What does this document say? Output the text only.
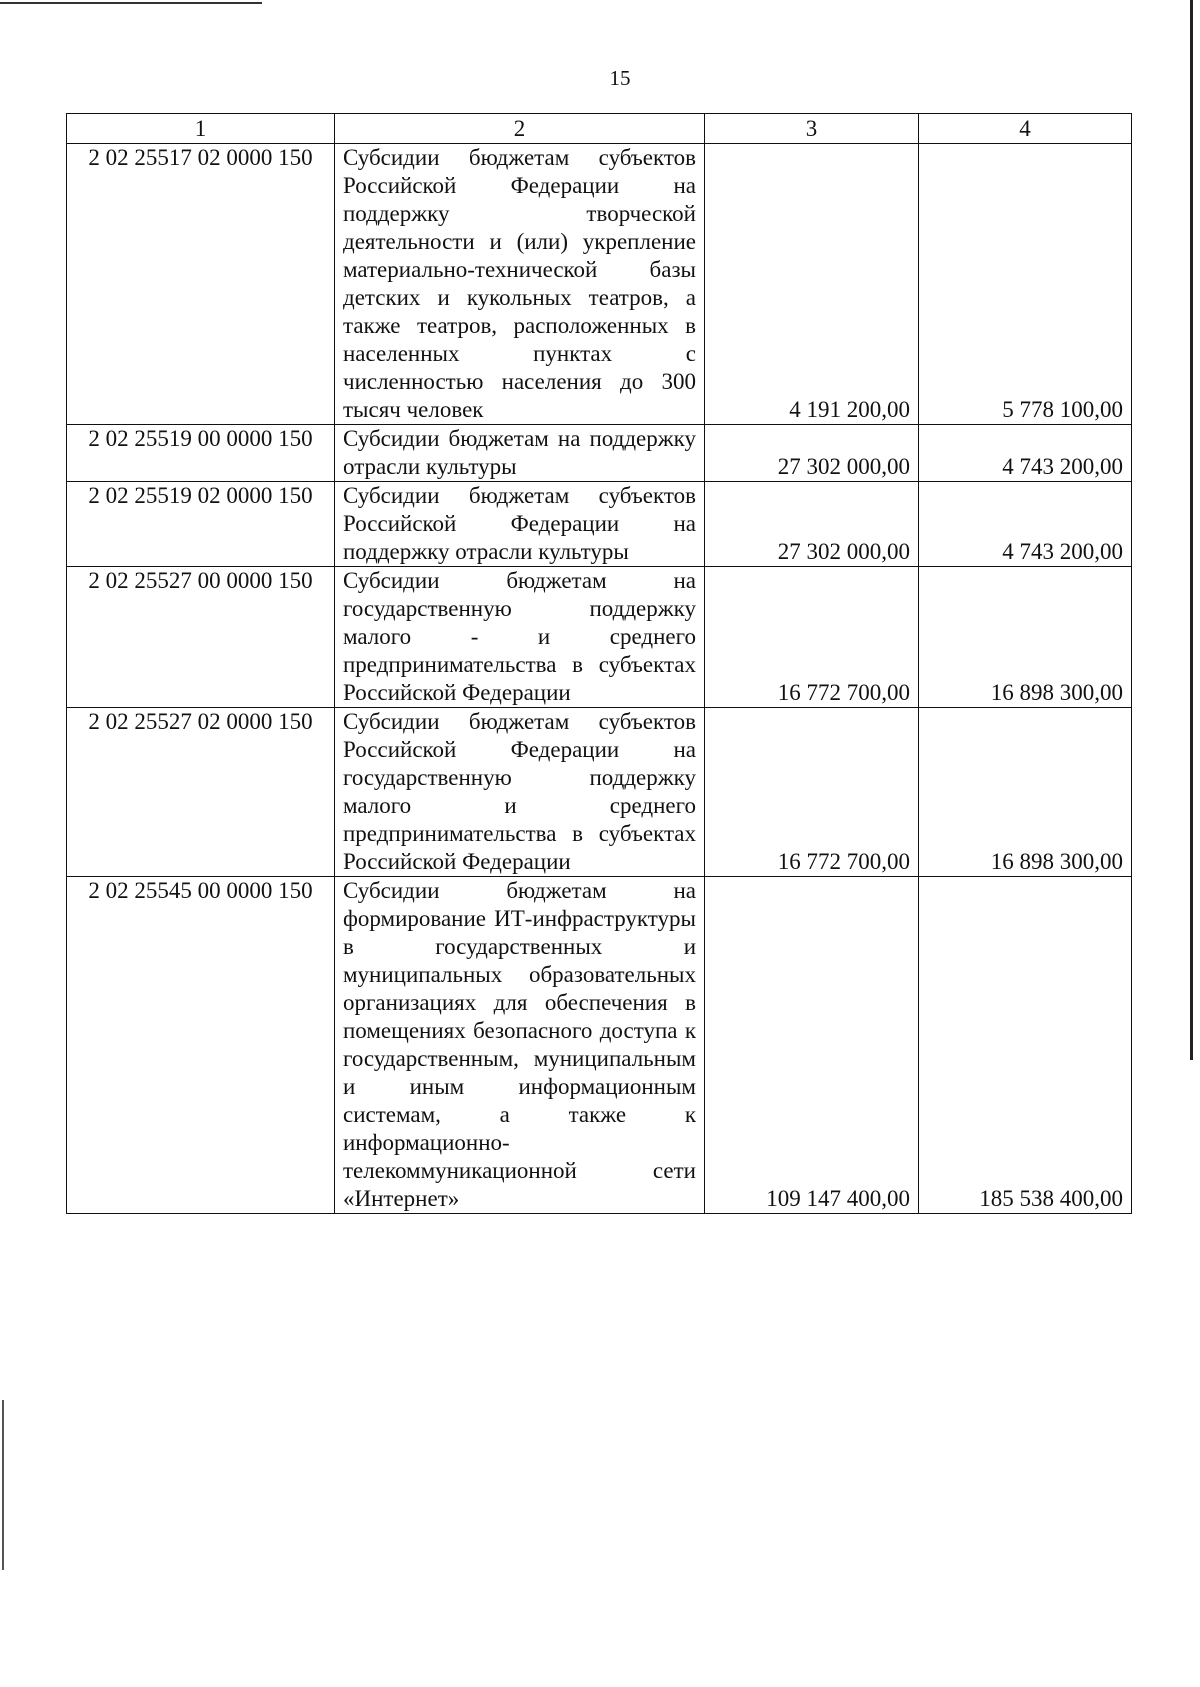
15
1	2	3	4
2 02 25517 02 0000 150	Субсидии бюджетам субъектов Российской Федерации на поддержку творческой деятельности и (или) укрепление материально-технической базы детских и кукольных театров, а также театров, расположенных в населенных пунктах с численностью населения до 300 тысяч человек	4 191 200,00	5 778 100,00
2 02 25519 00 0000 150	Субсидии бюджетам на поддержку отрасли культуры	27 302 000,00	4 743 200,00
2 02 25519 02 0000 150	Субсидии бюджетам субъектов Российской Федерации на поддержку отрасли культуры	27 302 000,00	4 743 200,00
2 02 25527 00 0000 150	Субсидии бюджетам на государственную поддержку малого - и среднего предпринимательства в субъектах Российской Федерации	16 772 700,00	16 898 300,00
2 02 25527 02 0000 150	Субсидии бюджетам субъектов Российской Федерации на государственную поддержку малого и среднего предпринимательства в субъектах Российской Федерации	16 772 700,00	16 898 300,00
2 02 25545 00 0000 150	Субсидии бюджетам на формирование ИТ-инфраструктуры в государственных и муниципальных образовательных организациях для обеспечения в помещениях безопасного доступа к государственным, муниципальным и иным информационным системам, а также к информационно-телекоммуникационной сети «Интернет»	109 147 400,00	185 538 400,00
